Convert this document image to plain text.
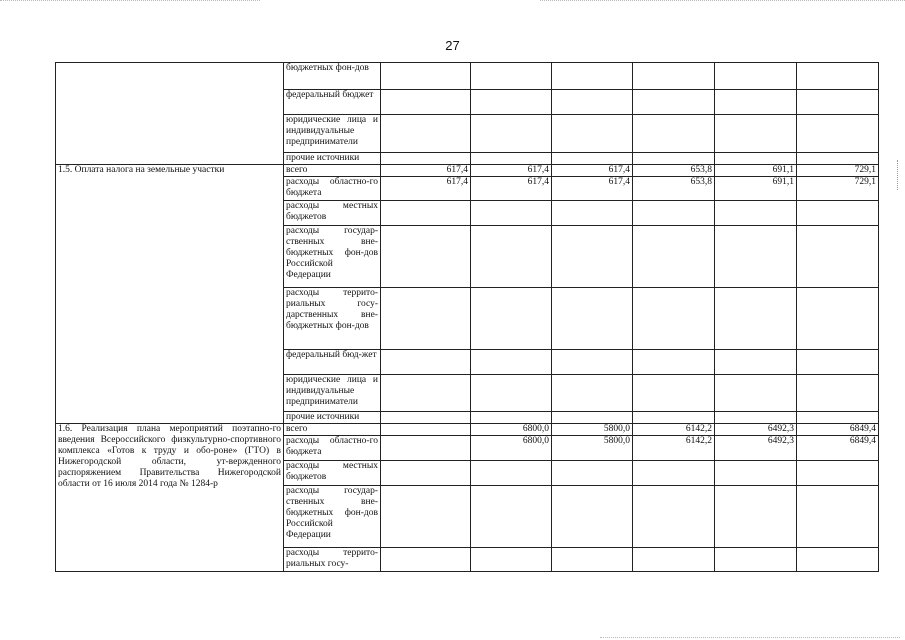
27
	бюджетных фон-дов						
	федеральный бюджет						
	юридические лица и индивидуальные предприниматели						
	прочие источники						
1.5. Оплата налога на земельные участки	всего	617,4	617,4	617,4	653,8	691,1	729,1
	расходы областно-го бюджета	617,4	617,4	617,4	653,8	691,1	729,1
	расходы местных бюджетов						
	расходы государ-ственных вне-бюджетных фон-дов Российской Федерации						
	расходы террито-риальных госу-дарственных вне-бюджетных фон-дов						
	федеральный бюд-жет						
	юридические лица и индивидуальные предприниматели						
	прочие источники						
1.6. Реализация плана мероприятий поэтапно-го введения Всероссийского физкультурно-спортивного комплекса «Готов к труду и обо-роне» (ГТО) в Нижегородской области, ут-вержденного распоряжением Правительства Нижегородской области от 16 июля 2014 года № 1284-р	всего		6800,0	5800,0	6142,2	6492,3	6849,4
	расходы областно-го бюджета		6800,0	5800,0	6142,2	6492,3	6849,4
	расходы местных бюджетов						
	расходы государ-ственных вне-бюджетных фон-дов Российской Федерации						
	расходы террито-риальных госу-						
